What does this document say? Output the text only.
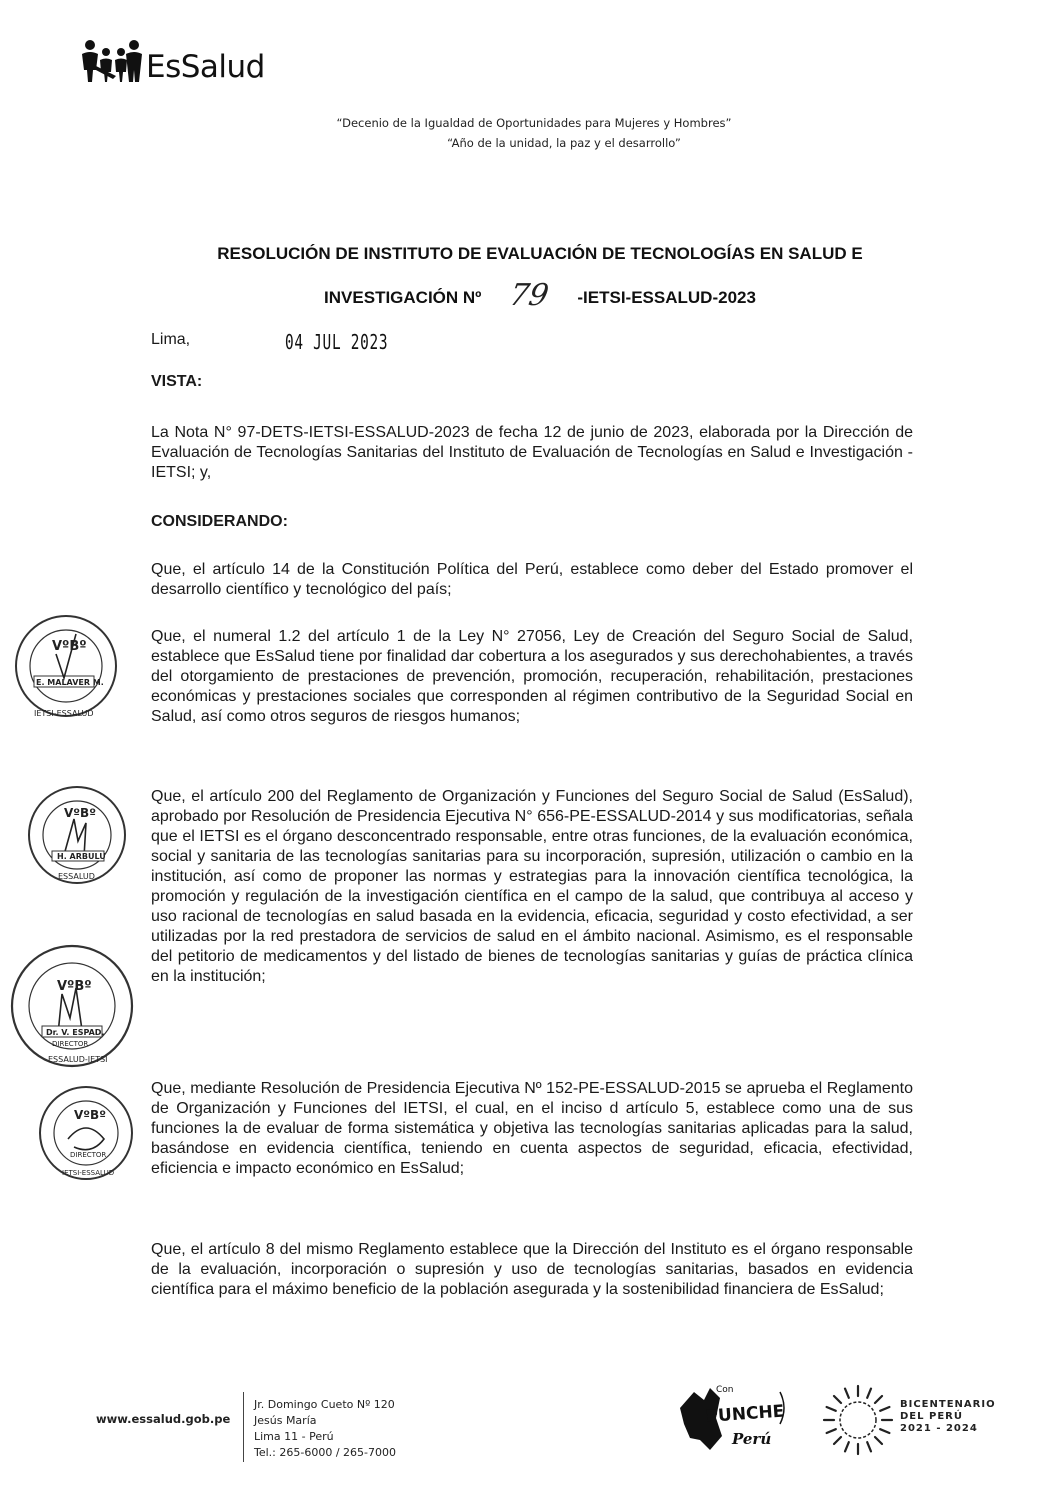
EsSalud
“Decenio de la Igualdad de Oportunidades para Mujeres y Hombres”
“Año de la unidad, la paz y el desarrollo”
RESOLUCIÓN DE INSTITUTO DE EVALUACIÓN DE TECNOLOGÍAS EN SALUD E
INVESTIGACIÓN Nº 79	-IETSI-ESSALUD-2023
Lima,	04 JUL 2023
VISTA:
La Nota N° 97-DETS-IETSI-ESSALUD-2023 de fecha 12 de junio de 2023, elaborada por la Dirección de Evaluación de Tecnologías Sanitarias del Instituto de Evaluación de Tecnologías en Salud e Investigación - IETSI; y,
CONSIDERANDO:
Que, el artículo 14 de la Constitución Política del Perú, establece como deber del Estado promover el desarrollo científico y tecnológico del país;
Que, el numeral 1.2 del artículo 1 de la Ley N° 27056, Ley de Creación del Seguro Social de Salud, establece que EsSalud tiene por finalidad dar cobertura a los asegurados y sus derechohabientes, a través del otorgamiento de prestaciones de prevención, promoción, recuperación, rehabilitación, prestaciones económicas y prestaciones sociales que corresponden al régimen contributivo de la Seguridad Social en Salud, así como otros seguros de riesgos humanos;
Que, el artículo 200 del Reglamento de Organización y Funciones del Seguro Social de Salud (EsSalud), aprobado por Resolución de Presidencia Ejecutiva N° 656-PE-ESSALUD-2014 y sus modificatorias, señala que el IETSI es el órgano desconcentrado responsable, entre otras funciones, de la evaluación económica, social y sanitaria de las tecnologías sanitarias para su incorporación, supresión, utilización o cambio en la institución, así como de proponer las normas y estrategias para la innovación científica tecnológica, la promoción y regulación de la investigación científica en el campo de la salud, que contribuya al acceso y uso racional de tecnologías en salud basada en la evidencia, eficacia, seguridad y costo efectividad, a ser utilizadas por la red prestadora de servicios de salud en el ámbito nacional. Asimismo, es el responsable del petitorio de medicamentos y del listado de bienes de tecnologías sanitarias y guías de práctica clínica en la institución;
Que, mediante Resolución de Presidencia Ejecutiva Nº 152-PE-ESSALUD-2015 se aprueba el Reglamento de Organización y Funciones del IETSI, el cual, en el inciso d artículo 5, establece como una de sus funciones la de evaluar de forma sistemática y objetiva las tecnologías sanitarias aplicadas para la salud, basándose en evidencia científica, teniendo en cuenta aspectos de seguridad, eficacia, efectividad, eficiencia e impacto económico en EsSalud;
Que, el artículo 8 del mismo Reglamento establece que la Dirección del Instituto es el órgano responsable de la evaluación, incorporación o supresión y uso de tecnologías sanitarias, basados en evidencia científica para el máximo beneficio de la población asegurada y la sostenibilidad financiera de EsSalud;
VºBº
E. MALAVER M.
IETSI-ESSALUD
VºBº
H. ARBULU
ESSALUD
VºBº
Dr. V. ESPAD.
DIRECTOR
ESSALUD-IETSI
VºBº
DIRECTOR
IETSI-ESSALUD
www.essalud.gob.pe
Jr. Domingo Cueto Nº 120
Jesús María
Lima 11 - Perú
Tel.: 265-6000 / 265-7000
Con
PUNCHE
Perú
BICENTENARIO
DEL PERÚ
2021 - 2024
